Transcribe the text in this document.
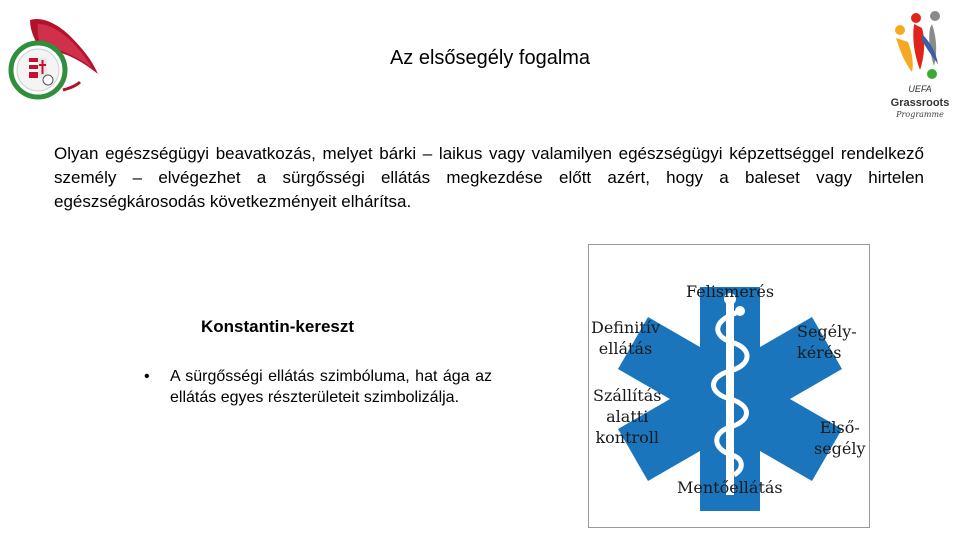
UEFA
Grassroots
Programme
Az elsősegély fogalma
Olyan egészségügyi beavatkozás, melyet bárki – laikus vagy valamilyen egészségügyi képzettséggel rendelkező személy – elvégezhet a sürgősségi ellátás megkezdése előtt azért, hogy a baleset vagy hirtelen egészségkárosodás következményeit elhárítsa.
Konstantin-kereszt
• A sürgősségi ellátás szimbóluma, hat ága az ellátás egyes részterületeit szimbolizálja.
Felismerés
Segély-
kérés
Első-
segély
Mentőellátás
Szállítás
alatti
kontroll
Definitív
ellátás
